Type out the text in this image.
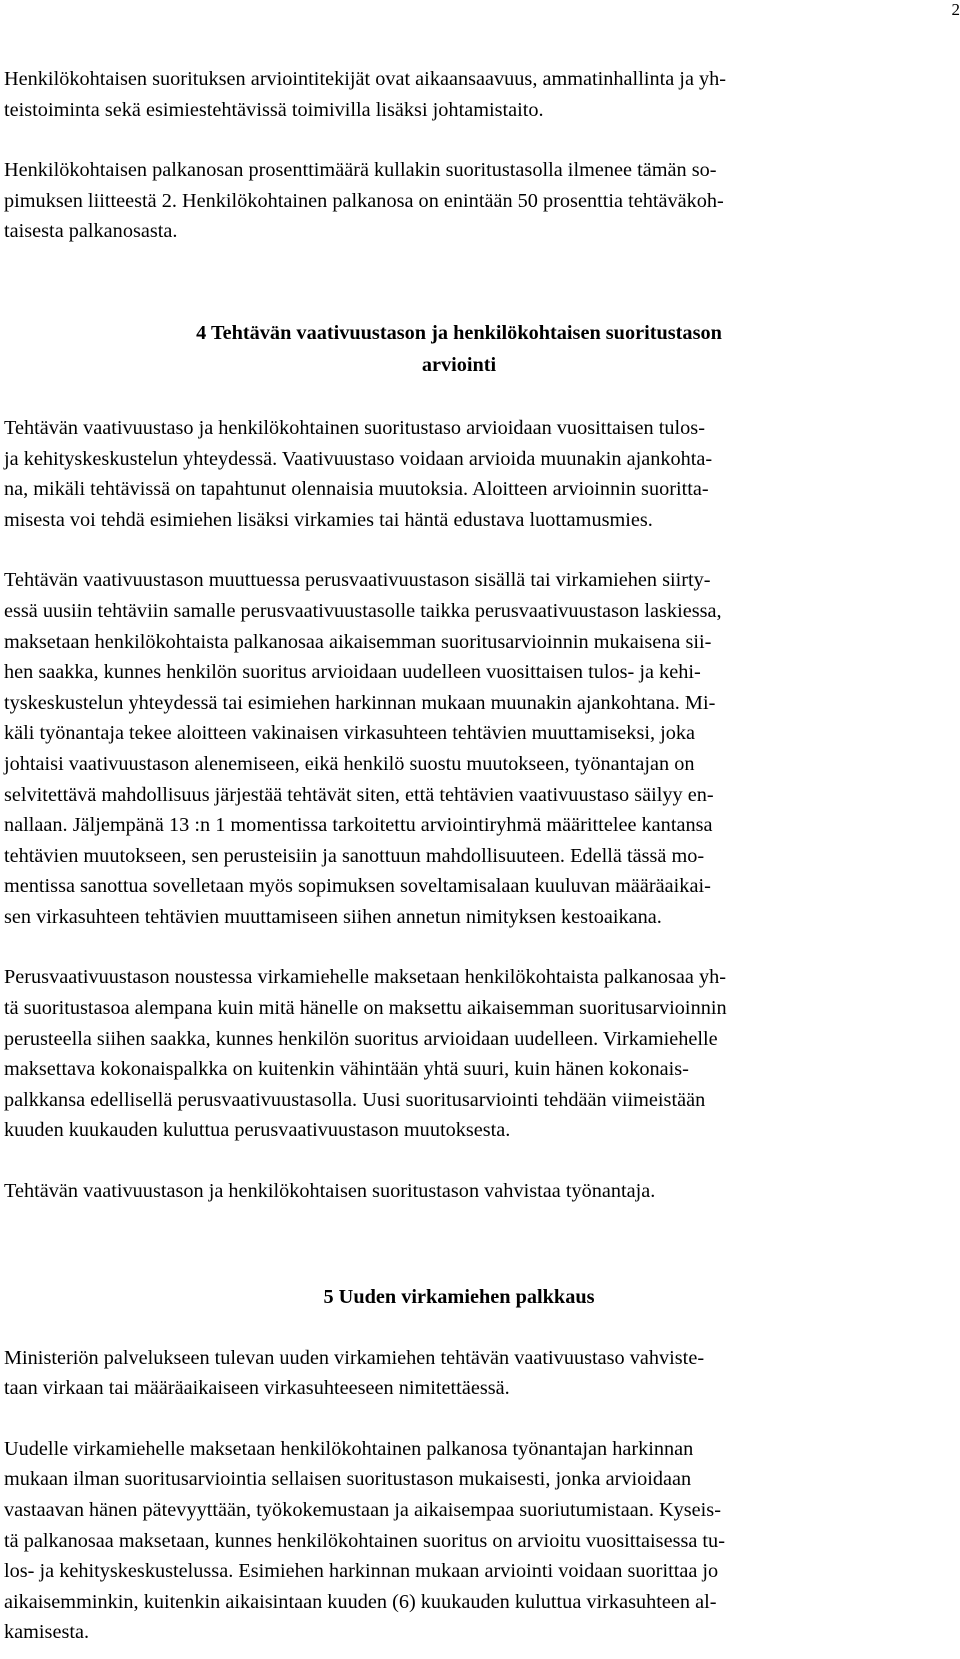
2

Henkilökohtaisen suorituksen arviointitekijät ovat aikaansaavuus, ammatinhallinta ja yh-
teistoiminta sekä esimiestehtävissä toimivilla lisäksi johtamistaito.

Henkilökohtaisen palkanosan prosenttimäärä kullakin suoritustasolla ilmenee tämän so-
pimuksen liitteestä 2. Henkilökohtainen palkanosa on enintään 50 prosenttia tehtäväkoh-
taisesta palkanosasta.

4 Tehtävän vaativuustason ja henkilökohtaisen suoritustason
arviointi

Tehtävän vaativuustaso ja henkilökohtainen suoritustaso arvioidaan vuosittaisen tulos-
ja kehityskeskustelun yhteydessä. Vaativuustaso voidaan arvioida muunakin ajankohta-
na, mikäli tehtävissä on tapahtunut olennaisia muutoksia. Aloitteen arvioinnin suoritta-
misesta voi tehdä esimiehen lisäksi virkamies tai häntä edustava luottamusmies.

Tehtävän vaativuustason muuttuessa perusvaativuustason sisällä tai virkamiehen siirty-
essä uusiin tehtäviin samalle perusvaativuustasolle taikka perusvaativuustason laskiessa,
maksetaan henkilökohtaista palkanosaa aikaisemman suoritusarvioinnin mukaisena sii-
hen saakka, kunnes henkilön suoritus arvioidaan uudelleen vuosittaisen tulos- ja kehi-
tyskeskustelun yhteydessä tai esimiehen harkinnan mukaan muunakin ajankohtana. Mi-
käli työnantaja tekee aloitteen vakinaisen virkasuhteen tehtävien muuttamiseksi, joka
johtaisi vaativuustason alenemiseen, eikä henkilö suostu muutokseen, työnantajan on
selvitettävä mahdollisuus järjestää tehtävät siten, että tehtävien vaativuustaso säilyy en-
nallaan. Jäljempänä 13 :n 1 momentissa tarkoitettu arviointiryhmä määrittelee kantansa
tehtävien muutokseen, sen perusteisiin ja sanottuun mahdollisuuteen. Edellä tässä mo-
mentissa sanottua sovelletaan myös sopimuksen soveltamisalaan kuuluvan määräaikai-
sen virkasuhteen tehtävien muuttamiseen siihen annetun nimityksen kestoaikana.

Perusvaativuustason noustessa virkamiehelle maksetaan henkilökohtaista palkanosaa yh-
tä suoritustasoa alempana kuin mitä hänelle on maksettu aikaisemman suoritusarvioinnin
perusteella siihen saakka, kunnes henkilön suoritus arvioidaan uudelleen. Virkamiehelle
maksettava kokonaispalkka on kuitenkin vähintään yhtä suuri, kuin hänen kokonais-
palkkansa edellisellä perusvaativuustasolla. Uusi suoritusarviointi tehdään viimeistään
kuuden kuukauden kuluttua perusvaativuustason muutoksesta.

Tehtävän vaativuustason ja henkilökohtaisen suoritustason vahvistaa työnantaja.

5 Uuden virkamiehen palkkaus

Ministeriön palvelukseen tulevan uuden virkamiehen tehtävän vaativuustaso vahviste-
taan virkaan tai määräaikaiseen virkasuhteeseen nimitettäessä.

Uudelle virkamiehelle maksetaan henkilökohtainen palkanosa työnantajan harkinnan
mukaan ilman suoritusarviointia sellaisen suoritustason mukaisesti, jonka arvioidaan
vastaavan hänen pätevyyttään, työkokemustaan ja aikaisempaa suoriutumistaan. Kyseis-
tä palkanosaa maksetaan, kunnes henkilökohtainen suoritus on arvioitu vuosittaisessa tu-
los- ja kehityskeskustelussa. Esimiehen harkinnan mukaan arviointi voidaan suorittaa jo
aikaisemminkin, kuitenkin aikaisintaan kuuden (6) kuukauden kuluttua virkasuhteen al-
kamisesta.
